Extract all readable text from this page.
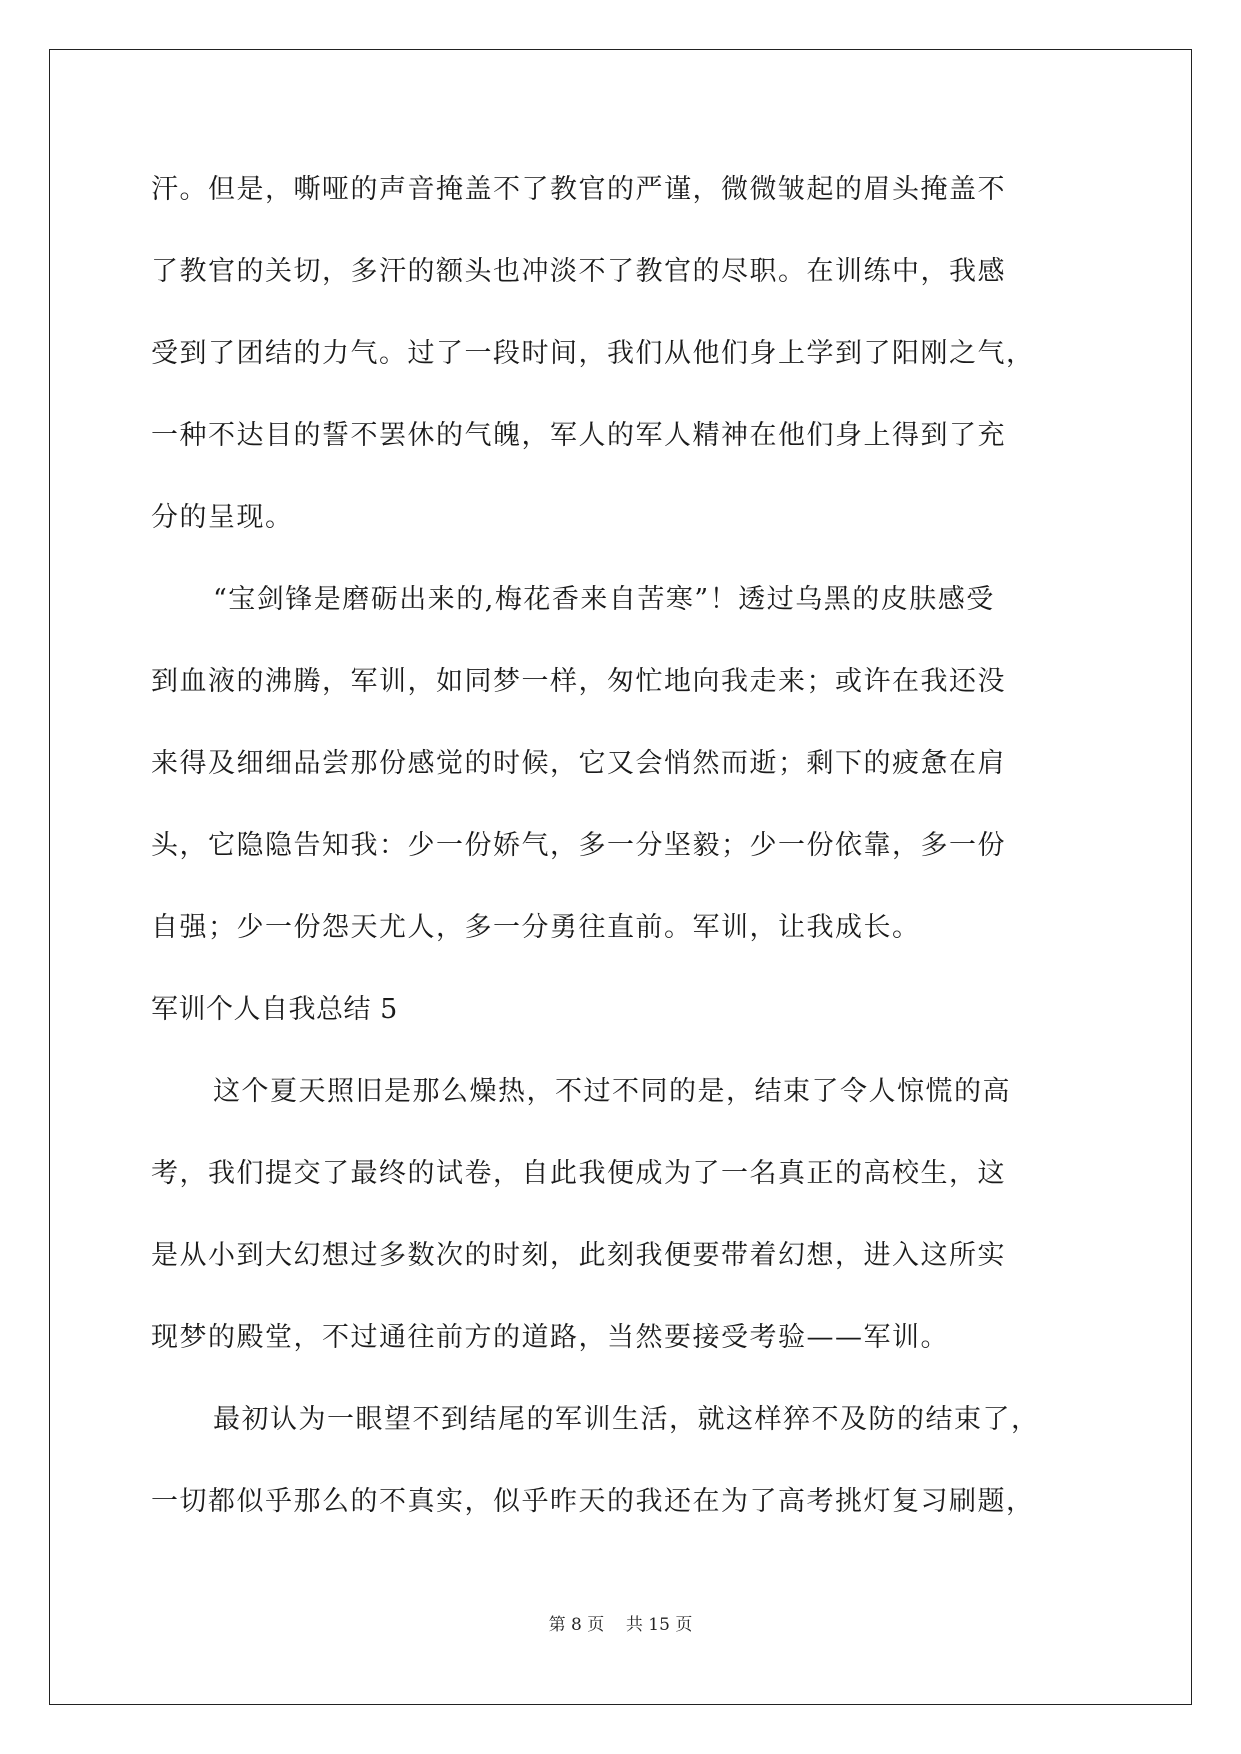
汗。但是，嘶哑的声音掩盖不了教官的严谨，微微皱起的眉头掩盖不
了教官的关切，多汗的额头也冲淡不了教官的尽职。在训练中，我感
受到了团结的力气。过了一段时间，我们从他们身上学到了阳刚之气，
一种不达目的誓不罢休的气魄，军人的军人精神在他们身上得到了充
分的呈现。
“宝剑锋是磨砺出来的,梅花香来自苦寒”！透过乌黑的皮肤感受
到血液的沸腾，军训，如同梦一样，匆忙地向我走来；或许在我还没
来得及细细品尝那份感觉的时候，它又会悄然而逝；剩下的疲惫在肩
头，它隐隐告知我：少一份娇气，多一分坚毅；少一份依靠，多一份
自强；少一份怨天尤人，多一分勇往直前。军训，让我成长。
军训个人自我总结 5
这个夏天照旧是那么燥热，不过不同的是，结束了令人惊慌的高
考，我们提交了最终的试卷，自此我便成为了一名真正的高校生，这
是从小到大幻想过多数次的时刻，此刻我便要带着幻想，进入这所实
现梦的殿堂，不过通往前方的道路，当然要接受考验——军训。
最初认为一眼望不到结尾的军训生活，就这样猝不及防的结束了，
一切都似乎那么的不真实，似乎昨天的我还在为了高考挑灯复习刷题，
第 8 页    共 15 页
